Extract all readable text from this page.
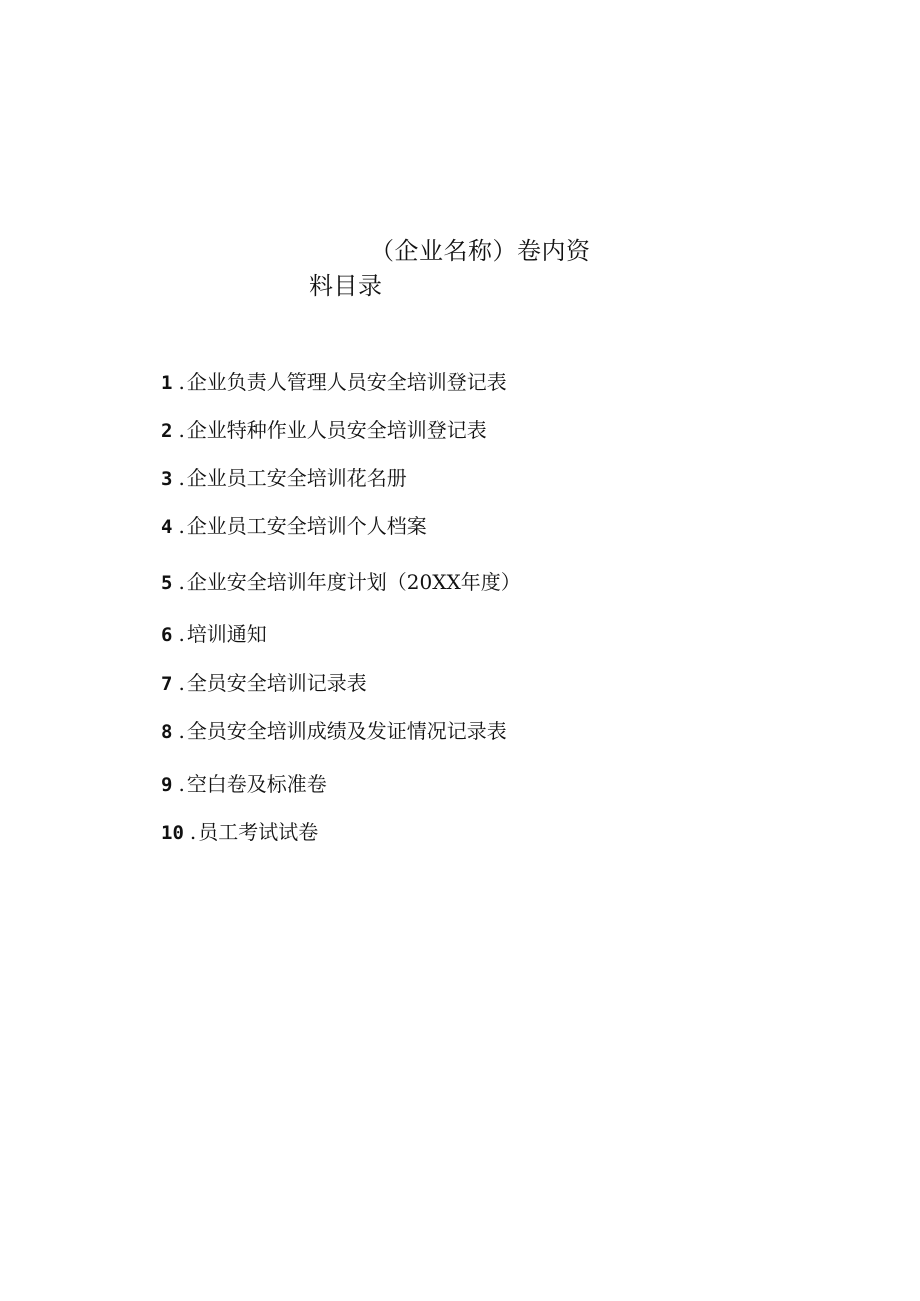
（企业名称）卷内资
料目录
1 . 企业负责人管理人员安全培训登记表
2 . 企业特种作业人员安全培训登记表
3 . 企业员工安全培训花名册
4 . 企业员工安全培训个人档案
5 . 企业安全培训年度计划（20XX年度）
6 . 培训通知
7 . 全员安全培训记录表
8 . 全员安全培训成绩及发证情况记录表
9 . 空白卷及标准卷
10 . 员工考试试卷
